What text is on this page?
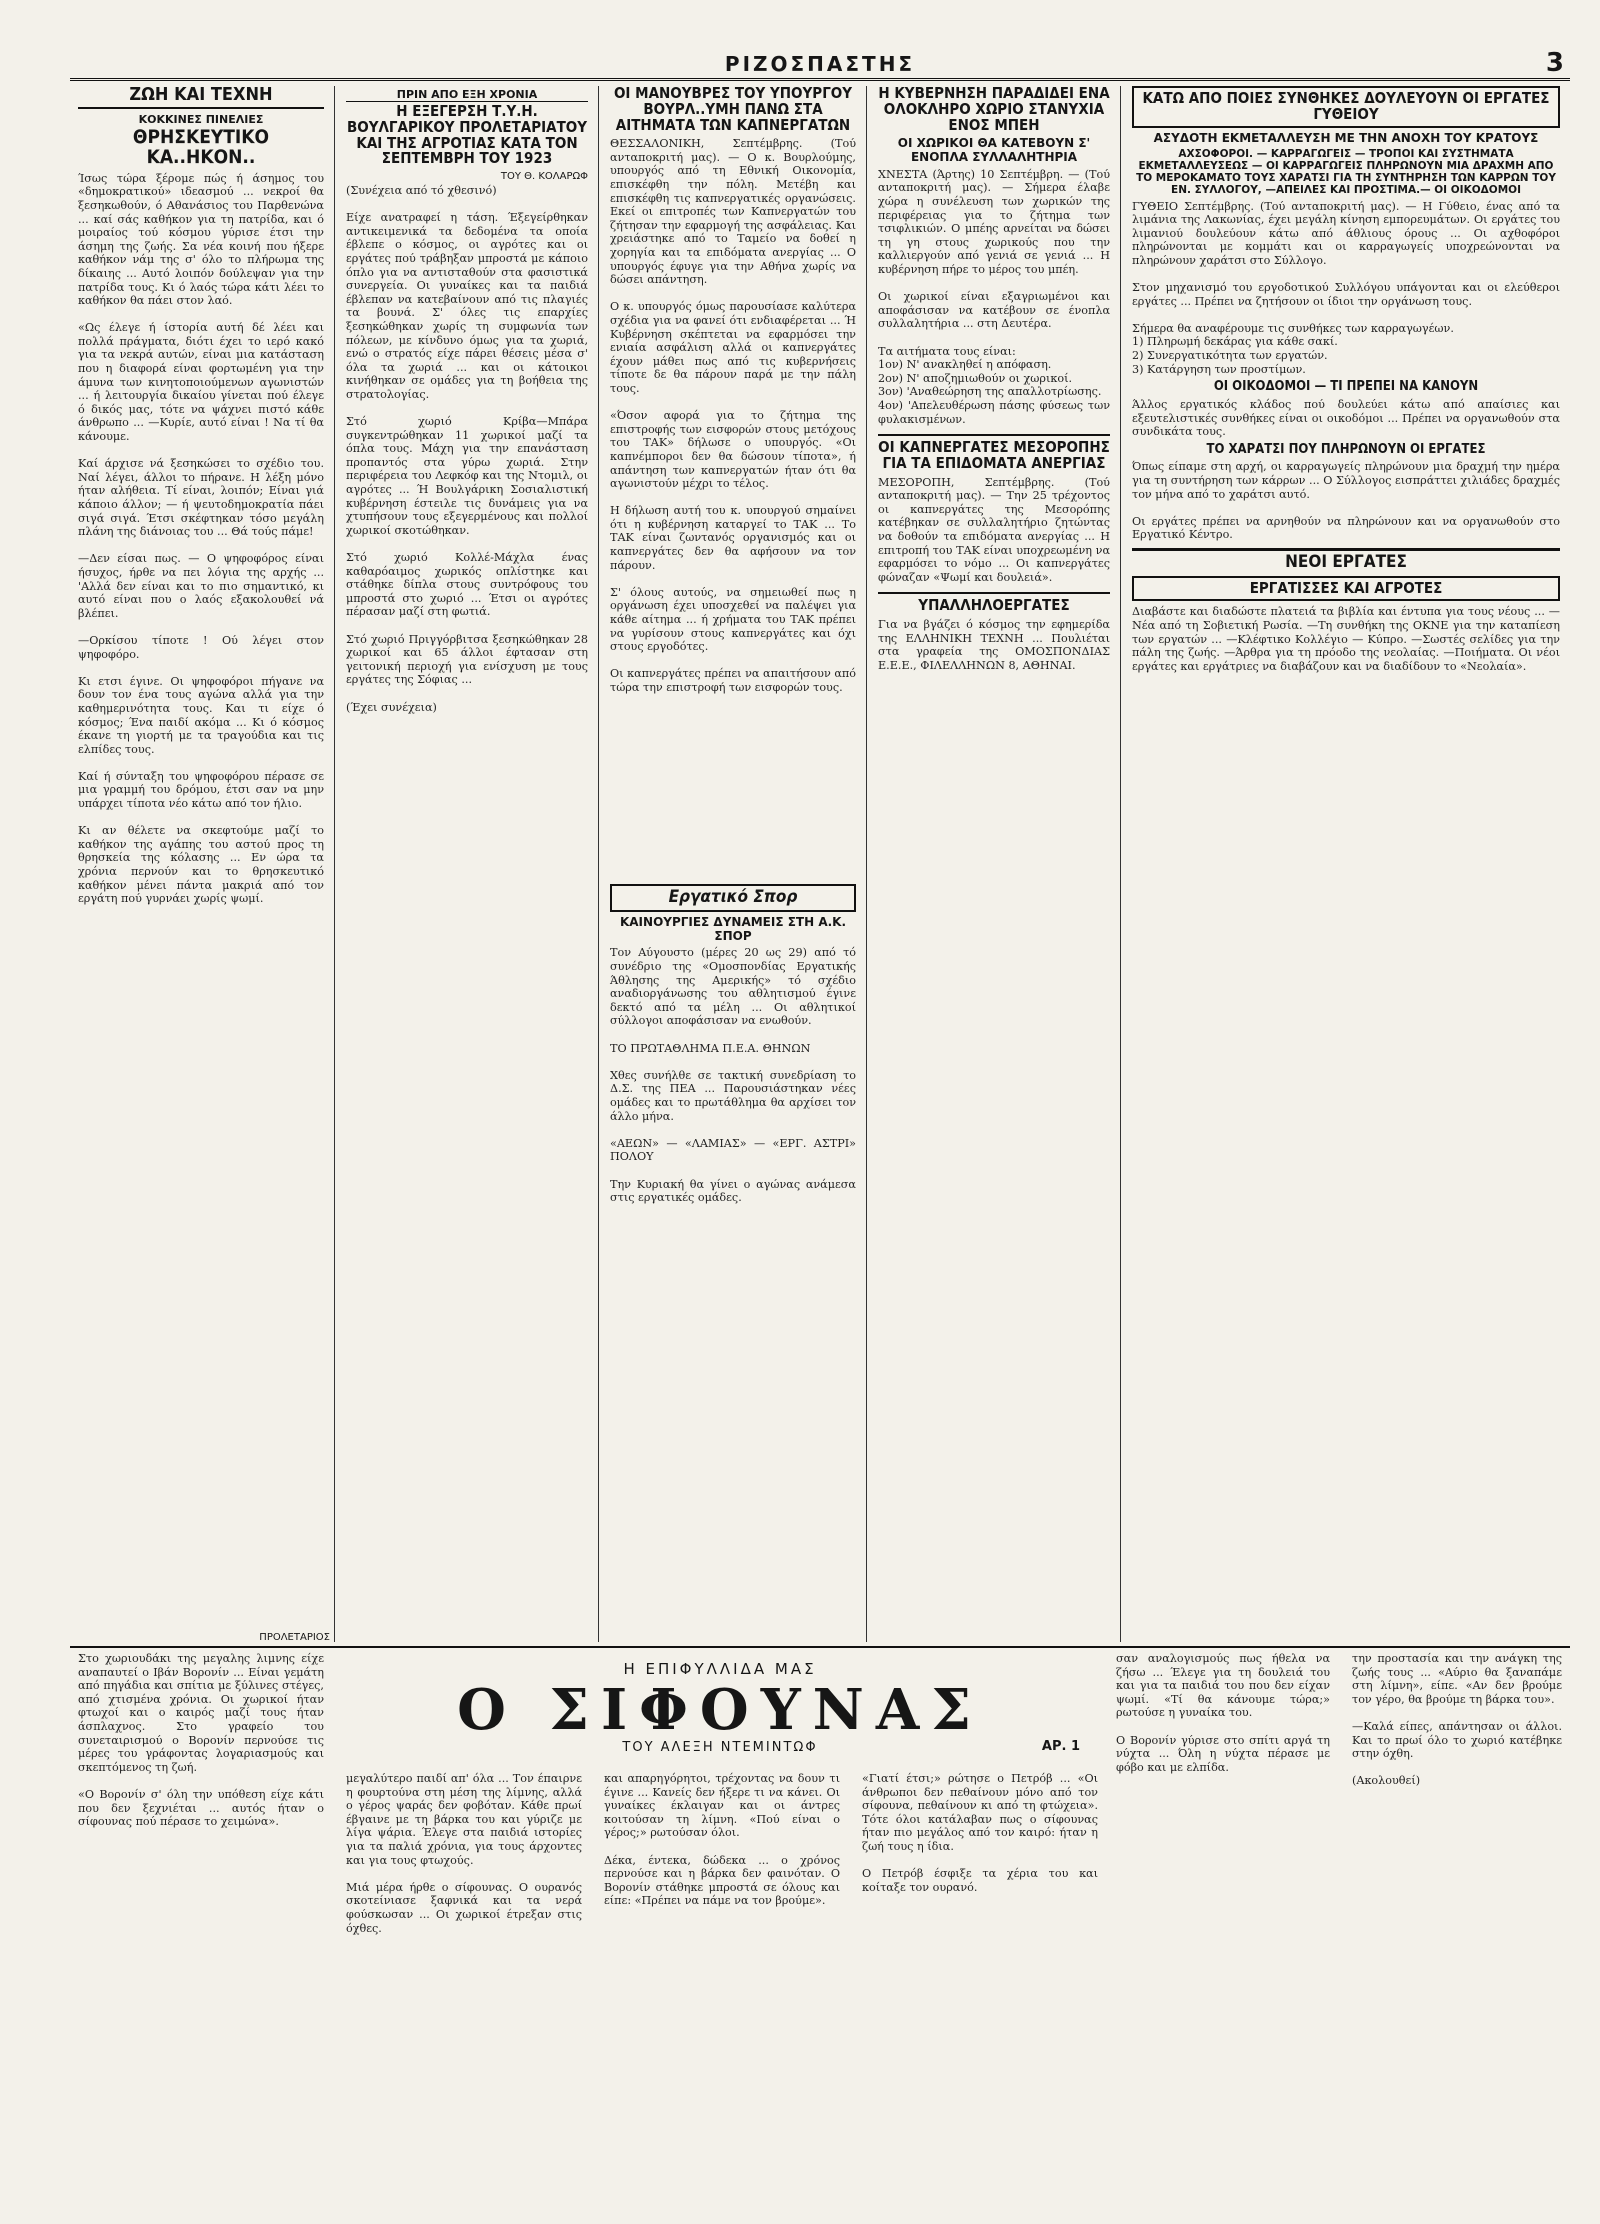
ΡΙΖΟΣΠΑΣΤΗΣ	3
ΖΩΗ ΚΑΙ ΤΕΧΝΗ
ΚΟΚΚΙΝΕΣ ΠΙΝΕΛΙΕΣ
ΘΡΗΣΚΕΥΤΙΚΟ ΚΑ..ΗΚΟΝ..

Ίσως τώρα ξέρομε πώς ή άσημος του «δημοκρατικού» ιδεασμού ... νεκροί θα ξεσηκωθούν, ό Αθανάσιος του Παρθενώνα ... καί σάς καθήκον για τη πατρίδα, και ό μοιραίος τού κόσμου γύρισε έτσι την άσημη της ζωής. Σα νέα κοινή που ήξερε καθήκον νάμ της σ' όλο το πλήρωμα της δίκαιης ... Αυτό λοιπόν δούλεψαν για την πατρίδα τους. Κι ό λαός τώρα κάτι λέει το καθήκον θα πάει στον λαό.

«Ως έλεγε ή ίστορία αυτή δέ λέει και πολλά πράγματα, διότι έχει το ιερό κακό για τα νεκρά αυτών, είναι μια κατάσταση που η διαφορά είναι φορτωμένη για την άμυνα των κινητοποιούμενων αγωνιστών ... ή λειτουργία δικαίου γίνεται πού έλεγε ό δικός μας, τότε να ψάχνει πιστό κάθε άνθρωπο ... —Κυρίε, αυτό είναι ! Να τί θα κάνουμε.

Καί άρχισε νά ξεσηκώσει το σχέδιο του. Ναί λέγει, άλλοι το πήρανε. Η λέξη μόνο ήταν αλήθεια. Τί είναι, λοιπόν; Είναι γιά κάποιο άλλον; — ή ψευτοδημοκρατία πάει σιγά σιγά. Έτσι σκέφτηκαν τόσο μεγάλη πλάνη της διάνοιας του ... Θά τούς πάμε!

—Δεν είσαι πως. — Ο ψηφοφόρος είναι ήσυχος, ήρθε να πει λόγια της αρχής ... 'Αλλά δεν είναι και το πιο σημαντικό, κι αυτό είναι που ο λαός εξακολουθεί νά βλέπει.

—Ορκίσου τίποτε ! Ού λέγει στον ψηφοφόρο.

Κι ετσι έγινε. Οι ψηφοφόροι πήγανε να δουν τον ένα τους αγώνα αλλά για την καθημερινότητα τους. Και τι είχε ό κόσμος; Ένα παιδί ακόμα ... Κι ό κόσμος έκανε τη γιορτή με τα τραγούδια και τις ελπίδες τους.

Καί ή σύνταξη του ψηφοφόρου πέρασε σε μια γραμμή του δρόμου, έτσι σαν να μην υπάρχει τίποτα νέο κάτω από τον ήλιο.

Κι αν θέλετε να σκεφτούμε μαζί το καθήκον της αγάπης του αστού προς τη θρησκεία της κόλασης ... Εν ώρα τα χρόνια περνούν και το θρησκευτικό καθήκον μένει πάντα μακριά από τον εργάτη πού γυρνάει χωρίς ψωμί.

ΠΡΟΛΕΤΑΡΙΟΣ
ΠΡΙΝ ΑΠΟ ΕΞΗ ΧΡΟΝΙΑ
Η ΕΞΕΓΕΡΣΗ Τ.Υ.Η. ΒΟΥΛΓΑΡΙΚΟΥ ΠΡΟΛΕΤΑΡΙΑΤΟΥ ΚΑΙ ΤΗΣ ΑΓΡΟΤΙΑΣ ΚΑΤΑ ΤΟΝ ΣΕΠΤΕΜΒΡΗ ΤΟΥ 1923
ΤΟΥ Θ. ΚΟΛΑΡΩΦ

(Συνέχεια από τό χθεσινό)

Είχε ανατραφεί η τάση. Έξεγείρθηκαν αντικειμενικά τα δεδομένα τα οποία έβλεπε ο κόσμος, οι αγρότες και οι εργάτες πού τράβηξαν μπροστά με κάποιο όπλο για να αντισταθούν στα φασιστικά συνεργεία. Οι γυναίκες και τα παιδιά έβλεπαν να κατεβαίνουν από τις πλαγιές τα βουνά. Σ' όλες τις επαρχίες ξεσηκώθηκαν χωρίς τη συμφωνία των πόλεων, με κίνδυνο όμως για τα χωριά, ενώ ο στρατός είχε πάρει θέσεις μέσα σ' όλα τα χωριά ... και οι κάτοικοι κινήθηκαν σε ομάδες για τη βοήθεια της στρατολογίας.

Στό χωριό Κρίβα—Μπάρα συγκεντρώθηκαν 11 χωρικοί μαζί τα όπλα τους. Μάχη για την επανάσταση προπαντός στα γύρω χωριά. Στην περιφέρεια του Λεφκόφ και της Ντομιλ, οι αγρότες ... Ή Βουλγάρικη Σοσιαλιστική κυβέρνηση έστειλε τις δυνάμεις για να χτυπήσουν τους εξεγερμένους και πολλοί χωρικοί σκοτώθηκαν.

Στό χωριό Κολλέ-Μάχλα ένας καθαρόαιμος χωρικός οπλίστηκε και στάθηκε δίπλα στους συντρόφους του μπροστά στο χωριό ... Έτσι οι αγρότες πέρασαν μαζί στη φωτιά.

Στό χωριό Πριγγόρβιτσα ξεσηκώθηκαν 28 χωρικοί και 65 άλλοι έφτασαν στη γειτονική περιοχή για ενίσχυση με τους εργάτες της Σόφιας ...

(Έχει συνέχεια)

ΟΙ ΜΑΝΟΥΒΡΕΣ ΤΟΥ ΥΠΟΥΡΓΟΥ ΒΟΥΡΛ..ΥΜΗ ΠΑΝΩ ΣΤΑ ΑΙΤΗΜΑΤΑ ΤΩΝ ΚΑΠΝΕΡΓΑΤΩΝ

ΘΕΣΣΑΛΟΝΙΚΗ, Σεπτέμβρης. (Τού ανταποκριτή μας). — Ο κ. Βουρλούμης, υπουργός από τη Εθνική Οικονομία, επισκέφθη την πόλη. Μετέβη και επισκέφθη τις καπνεργατικές οργανώσεις. Εκεί οι επιτροπές των Καπνεργατών του ζήτησαν την εφαρμογή της ασφάλειας. Και χρειάστηκε από το Ταμείο να δοθεί η χορηγία και τα επιδόματα ανεργίας ... Ο υπουργός έφυγε για την Αθήνα χωρίς να δώσει απάντηση.

Ο κ. υπουργός όμως παρουσίασε καλύτερα σχέδια για να φανεί ότι ενδιαφέρεται ... Ή Κυβέρνηση σκέπτεται να εφαρμόσει την ενιαία ασφάλιση αλλά οι καπνεργάτες έχουν μάθει πως από τις κυβερνήσεις τίποτε δε θα πάρουν παρά με την πάλη τους.

«Όσον αφορά για το ζήτημα της επιστροφής των εισφορών στους μετόχους του ΤΑΚ» δήλωσε ο υπουργός. «Οι καπνέμποροι δεν θα δώσουν τίποτα», ή απάντηση των καπνεργατών ήταν ότι θα αγωνιστούν μέχρι το τέλος.

Η δήλωση αυτή του κ. υπουργού σημαίνει ότι η κυβέρνηση καταργεί το ΤΑΚ ... Το ΤΑΚ είναι ζωντανός οργανισμός και οι καπνεργάτες δεν θα αφήσουν να τον πάρουν.

Σ' όλους αυτούς, να σημειωθεί πως η οργάνωση έχει υποσχεθεί να παλέψει για κάθε αίτημα ... ή χρήματα του ΤΑΚ πρέπει να γυρίσουν στους καπνεργάτες και όχι στους εργοδότες.

Οι καπνεργάτες πρέπει να απαιτήσουν από τώρα την επιστροφή των εισφορών τους.

Εργατικό Σπορ
ΚΑΙΝΟΥΡΓΙΕΣ ΔΥΝΑΜΕΙΣ ΣΤΗ Α.Κ. ΣΠΟΡ

Τον Αύγουστο (μέρες 20 ως 29) από τό συνέδριο της «Ομοσπονδίας Εργατικής Άθλησης της Αμερικής» τό σχέδιο αναδιοργάνωσης του αθλητισμού έγινε δεκτό από τα μέλη ... Οι αθλητικοί σύλλογοι αποφάσισαν να ενωθούν.

ΤΟ ΠΡΩΤΑΘΛΗΜΑ Π.Ε.Α. ΘΗΝΩΝ

Χθες συνήλθε σε τακτική συνεδρίαση το Δ.Σ. της ΠΕΑ ... Παρουσιάστηκαν νέες ομάδες και το πρωτάθλημα θα αρχίσει τον άλλο μήνα.

«ΑΕΩΝ» — «ΛΑΜΙΑΣ» — «ΕΡΓ. ΑΣΤΡΙ» ΠΟΛΟΥ

Την Κυριακή θα γίνει ο αγώνας ανάμεσα στις εργατικές ομάδες.

Η ΚΥΒΕΡΝΗΣΗ ΠΑΡΑΔΙΔΕΙ ΕΝΑ ΟΛΟΚΛΗΡΟ ΧΩΡΙΟ ΣΤΑΝΥΧΙΑ ΕΝΟΣ ΜΠΕΗ
ΟΙ ΧΩΡΙΚΟΙ ΘΑ ΚΑΤΕΒΟΥΝ Σ' ΕΝΟΠΛΑ ΣΥΛΛΑΛΗΤΗΡΙΑ

ΧΝΕΣΤΑ (Άρτης) 10 Σεπτέμβρη. — (Τού ανταποκριτή μας). — Σήμερα έλαβε χώρα η συνέλευση των χωρικών της περιφέρειας για το ζήτημα των τσιφλικιών. Ο μπέης αρνείται να δώσει τη γη στους χωρικούς που την καλλιεργούν από γενιά σε γενιά ... Η κυβέρνηση πήρε το μέρος του μπέη.

Οι χωρικοί είναι εξαγριωμένοι και αποφάσισαν να κατέβουν σε ένοπλα συλλαλητήρια ... στη Δευτέρα.

Τα αιτήματα τους είναι:
1ον) Ν' ανακληθεί η απόφαση.
2ον) Ν' αποζημιωθούν οι χωρικοί.
3ον) 'Αναθεώρηση της απαλλοτρίωσης.
4ον) 'Απελευθέρωση πάσης φύσεως των φυλακισμένων.

ΟΙ ΚΑΠΝΕΡΓΑΤΕΣ ΜΕΣΟΡΟΠΗΣ ΓΙΑ ΤΑ ΕΠΙΔΟΜΑΤΑ ΑΝΕΡΓΙΑΣ

ΜΕΣΟΡΟΠΗ, Σεπτέμβρης. (Τού ανταποκριτή μας). — Την 25 τρέχοντος οι καπνεργάτες της Μεσορόπης κατέβηκαν σε συλλαλητήριο ζητώντας να δοθούν τα επιδόματα ανεργίας ... Η επιτροπή του ΤΑΚ είναι υποχρεωμένη να εφαρμόσει το νόμο ... Οι καπνεργάτες φώναζαν «Ψωμί και δουλειά».

ΥΠΑΛΛΗΛΟΕΡΓΑΤΕΣ

Για να βγάζει ό κόσμος την εφημερίδα της ΕΛΛΗΝΙΚΗ ΤΕΧΝΗ ... Πουλιέται στα γραφεία της ΟΜΟΣΠΟΝΔΙΑΣ Ε.Ε.Ε., ΦΙΛΕΛΛΗΝΩΝ 8, ΑΘΗΝΑΙ.

ΚΑΤΩ ΑΠΟ ΠΟΙΕΣ ΣΥΝΘΗΚΕΣ ΔΟΥΛΕΥΟΥΝ ΟΙ ΕΡΓΑΤΕΣ ΓΥΘΕΙΟΥ
ΑΣΥΔΟΤΗ ΕΚΜΕΤΑΛΛΕΥΣΗ ΜΕ ΤΗΝ ΑΝΟΧΗ ΤΟΥ ΚΡΑΤΟΥΣ
ΑΧΣΟΦΟΡΟΙ. — ΚΑΡΡΑΓΩΓΕΙΣ — ΤΡΟΠΟΙ ΚΑΙ ΣΥΣΤΗΜΑΤΑ ΕΚΜΕΤΑΛΛΕΥΣΕΩΣ — ΟΙ ΚΑΡΡΑΓΩΓΕΙΣ ΠΛΗΡΩΝΟΥΝ ΜΙΑ ΔΡΑΧΜΗ ΑΠΟ ΤΟ ΜΕΡΟΚΑΜΑΤΟ ΤΟΥΣ ΧΑΡΑΤΣΙ ΓΙΑ ΤΗ ΣΥΝΤΗΡΗΣΗ ΤΩΝ ΚΑΡΡΩΝ ΤΟΥ ΕΝ. ΣΥΛΛΟΓΟΥ, —ΑΠΕΙΛΕΣ ΚΑΙ ΠΡΟΣΤΙΜΑ.— ΟΙ ΟΙΚΟΔΟΜΟΙ

ΓΥΘΕΙΟ Σεπτέμβρης. (Τού ανταποκριτή μας). — Η Γύθειο, ένας από τα λιμάνια της Λακωνίας, έχει μεγάλη κίνηση εμπορευμάτων. Οι εργάτες του λιμανιού δουλεύουν κάτω από άθλιους όρους ... Οι αχθοφόροι πληρώνονται με κομμάτι και οι καρραγωγείς υποχρεώνονται να πληρώνουν χαράτσι στο Σύλλογο.

Στον μηχανισμό του εργοδοτικού Συλλόγου υπάγονται και οι ελεύθεροι εργάτες ... Πρέπει να ζητήσουν οι ίδιοι την οργάνωση τους.

Σήμερα θα αναφέρουμε τις συνθήκες των καρραγωγέων.

1) Πληρωμή δεκάρας για κάθε σακί.
2) Συνεργατικότητα των εργατών.
3) Κατάργηση των προστίμων.

ΟΙ ΟΙΚΟΔΟΜΟΙ — ΤΙ ΠΡΕΠΕΙ ΝΑ ΚΑΝΟΥΝ

Άλλος εργατικός κλάδος πού δουλεύει κάτω από απαίσιες και εξευτελιστικές συνθήκες είναι οι οικοδόμοι ... Πρέπει να οργανωθούν στα συνδικάτα τους.

ΤΟ ΧΑΡΑΤΣΙ ΠΟΥ ΠΛΗΡΩΝΟΥΝ ΟΙ ΕΡΓΑΤΕΣ

Όπως είπαμε στη αρχή, οι καρραγωγείς πληρώνουν μια δραχμή την ημέρα για τη συντήρηση των κάρρων ... Ο Σύλλογος εισπράττει χιλιάδες δραχμές τον μήνα από το χαράτσι αυτό.

Οι εργάτες πρέπει να αρνηθούν να πληρώνουν και να οργανωθούν στο Εργατικό Κέντρο.

ΝΕΟΙ ΕΡΓΑΤΕΣ
ΕΡΓΑΤΙΣΣΕΣ ΚΑΙ ΑΓΡΟΤΕΣ

Διαβάστε και διαδώστε πλατειά τα βιβλία και έντυπα για τους νέους ... —Νέα από τη Σοβιετική Ρωσία. —Τη συνθήκη της ΟΚΝΕ για την καταπίεση των εργατών ... —Κλέφτικο Κολλέγιο — Κύπρο. —Σωστές σελίδες για την πάλη της ζωής. —Άρθρα για τη πρόοδο της νεολαίας. —Ποιήματα. Οι νέοι εργάτες και εργάτριες να διαβάζουν και να διαδίδουν το «Νεολαία».

Στο χωριουδάκι της μεγαλης λιμνης είχε αναπαυτεί ο Ιβάν Βορονίν ... Είναι γεμάτη από πηγάδια και σπίτια με ξύλινες στέγες, από χτισμένα χρόνια. Οι χωρικοί ήταν φτωχοί και ο καιρός μαζί τους ήταν άσπλαχνος. Στο γραφείο του συνεταιρισμού ο Βορονίν περνούσε τις μέρες του γράφοντας λογαριασμούς και σκεπτόμενος τη ζωή.

«Ο Βορονίν σ' όλη την υπόθεση είχε κάτι που δεν ξεχνιέται ... αυτός ήταν ο σίφουνας πού πέρασε το χειμώνα».

Η ΕΠΙΦΥΛΛΙΔΑ ΜΑΣ
Ο ΣΙΦΟΥΝΑΣ
ΤΟΥ ΑΛΕΞΗ ΝΤΕΜΙΝΤΩΦ	ΑΡ. 1

μεγαλύτερο παιδί απ' όλα ... Τον έπαιρνε η φουρτούνα στη μέση της λίμνης, αλλά ο γέρος ψαράς δεν φοβόταν. Κάθε πρωί έβγαινε με τη βάρκα του και γύριζε με λίγα ψάρια. Έλεγε στα παιδιά ιστορίες για τα παλιά χρόνια, για τους άρχοντες και για τους φτωχούς.

Μιά μέρα ήρθε ο σίφουνας. Ο ουρανός σκοτείνιασε ξαφνικά και τα νερά φούσκωσαν ... Οι χωρικοί έτρεξαν στις όχθες.

και απαρηγόρητοι, τρέχοντας να δουν τι έγινε ... Κανείς δεν ήξερε τι να κάνει. Οι γυναίκες έκλαιγαν και οι άντρες κοιτούσαν τη λίμνη. «Πού είναι ο γέρος;» ρωτούσαν όλοι.

Δέκα, έντεκα, δώδεκα ... ο χρόνος περνούσε και η βάρκα δεν φαινόταν. Ο Βορονίν στάθηκε μπροστά σε όλους και είπε: «Πρέπει να πάμε να τον βρούμε».

«Γιατί έτσι;» ρώτησε ο Πετρόβ ... «Οι άνθρωποι δεν πεθαίνουν μόνο από τον σίφουνα, πεθαίνουν κι από τη φτώχεια». Τότε όλοι κατάλαβαν πως ο σίφουνας ήταν πιο μεγάλος από τον καιρό: ήταν η ζωή τους η ίδια.

Ο Πετρόβ έσφιξε τα χέρια του και κοίταξε τον ουρανό.

σαν αναλογισμούς πως ήθελα να ζήσω ... Έλεγε για τη δουλειά του και για τα παιδιά του που δεν είχαν ψωμί. «Τί θα κάνουμε τώρα;» ρωτούσε η γυναίκα του.

Ο Βορονίν γύρισε στο σπίτι αργά τη νύχτα ... Όλη η νύχτα πέρασε με φόβο και με ελπίδα.

την προστασία και την ανάγκη της ζωής τους ... «Αύριο θα ξαναπάμε στη λίμνη», είπε. «Αν δεν βρούμε τον γέρο, θα βρούμε τη βάρκα του».

—Καλά είπες, απάντησαν οι άλλοι. Και το πρωί όλο το χωριό κατέβηκε στην όχθη.

(Ακολουθεί)
